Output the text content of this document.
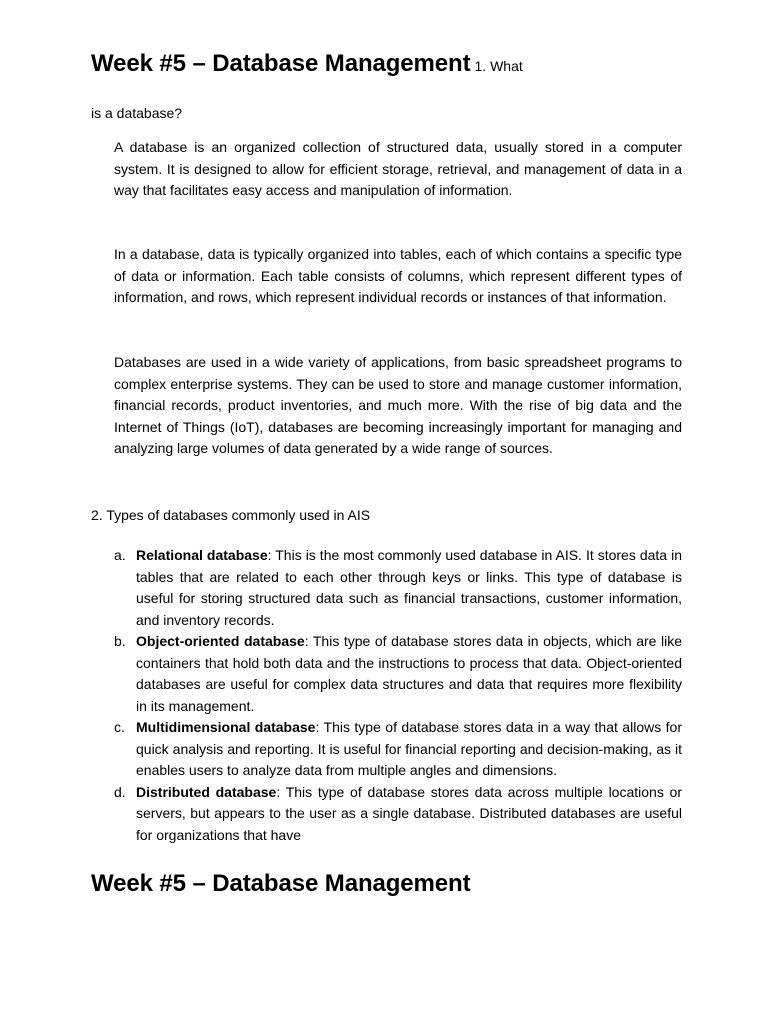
Week #5 – Database Management 1. What
is a database?

A database is an organized collection of structured data, usually stored in a computer system. It is designed to allow for efficient storage, retrieval, and management of data in a way that facilitates easy access and manipulation of information.

In a database, data is typically organized into tables, each of which contains a specific type of data or information. Each table consists of columns, which represent different types of information, and rows, which represent individual records or instances of that information.

Databases are used in a wide variety of applications, from basic spreadsheet programs to complex enterprise systems. They can be used to store and manage customer information, financial records, product inventories, and much more. With the rise of big data and the Internet of Things (IoT), databases are becoming increasingly important for managing and analyzing large volumes of data generated by a wide range of sources.

2. Types of databases commonly used in AIS
a. Relational database: This is the most commonly used database in AIS. It stores data in tables that are related to each other through keys or links. This type of database is useful for storing structured data such as financial transactions, customer information, and inventory records.
b. Object-oriented database: This type of database stores data in objects, which are like containers that hold both data and the instructions to process that data. Object-oriented databases are useful for complex data structures and data that requires more flexibility in its management.
c. Multidimensional database: This type of database stores data in a way that allows for quick analysis and reporting. It is useful for financial reporting and decision-making, as it enables users to analyze data from multiple angles and dimensions.
d. Distributed database: This type of database stores data across multiple locations or servers, but appears to the user as a single database. Distributed databases are useful for organizations that have
Week #5 – Database Management
